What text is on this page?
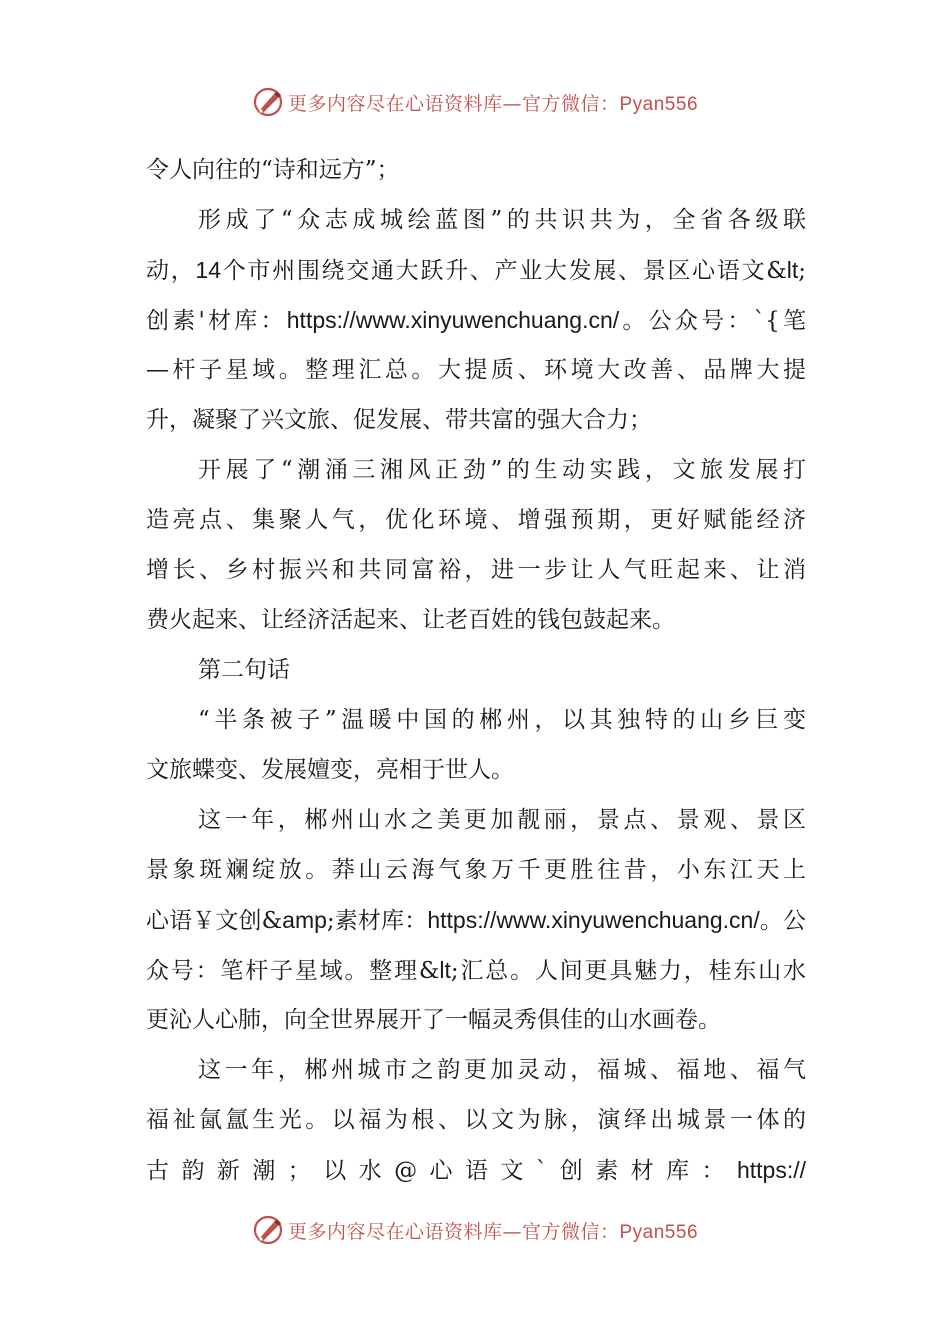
更多内容尽在心语资料库—官方微信：Pyan556
令人向往的“诗和远方”；
形成了“众志成城绘蓝图”的共识共为，全省各级联
动，14个市州围绕交通大跃升、产业大发展、景区心语文&lt;
创素'材库：https://www.xinyuwenchuang.cn/。公众号：`{笔
—杆子星域。整理汇总。大提质、环境大改善、品牌大提
升，凝聚了兴文旅、促发展、带共富的强大合力；
开展了“潮涌三湘风正劲”的生动实践，文旅发展打
造亮点、集聚人气，优化环境、增强预期，更好赋能经济
增长、乡村振兴和共同富裕，进一步让人气旺起来、让消
费火起来、让经济活起来、让老百姓的钱包鼓起来。
第二句话
“半条被子”温暖中国的郴州，以其独特的山乡巨变
文旅蝶变、发展嬗变，亮相于世人。
这一年，郴州山水之美更加靓丽，景点、景观、景区
景象斑斓绽放。莽山云海气象万千更胜往昔，小东江天上
心语￥文创&amp;素材库：https://www.xinyuwenchuang.cn/。公
众号：笔杆子星域。整理&lt;汇总。人间更具魅力，桂东山水
更沁人心肺，向全世界展开了一幅灵秀俱佳的山水画卷。
这一年，郴州城市之韵更加灵动，福城、福地、福气
福祉氤氲生光。以福为根、以文为脉，演绎出城景一体的
古韵新潮；以水@心语文`创素材库：https://
更多内容尽在心语资料库—官方微信：Pyan556
